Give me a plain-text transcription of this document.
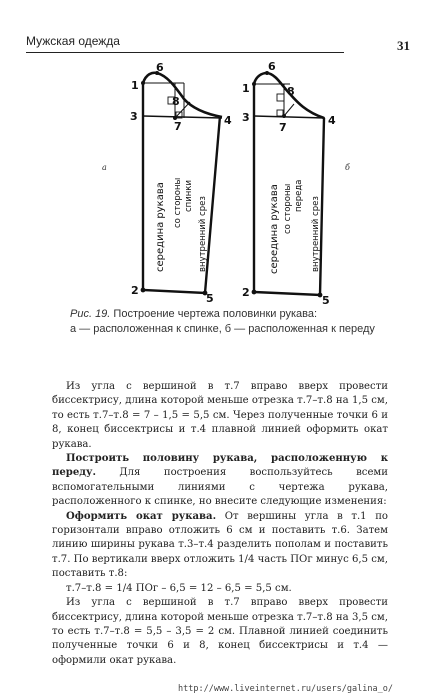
Мужская одежда	31
1
2
3	4
5
6
7
8
а
середина рукава со стороны спинки
внутренний срез
1
2
3	4
5
6
7
8
б
середина рукава со стороны переда
внутренний срез
Рис. 19. Построение чертежа половинки рукава:
а — расположенная к спинке, б — расположенная к переду

Из угла с вершиной в т.7 вправо вверх провести биссектрису, длина которой меньше отрезка т.7–т.8 на 1,5 см, то есть т.7–т.8 = 7 – 1,5 = 5,5 см. Через полученные точки 6 и 8, конец биссектрисы и т.4 плавной линией оформить окат рукава.

Построить половину рукава, расположенную к переду. Для построения воспользуйтесь всеми вспомогательными линиями с чертежа рукава, расположенного к спинке, но внесите следующие изменения:

Оформить окат рукава. От вершины угла в т.1 по горизонтали вправо отложить 6 см и поставить т.6. Затем линию ширины рукава т.3–т.4 разделить пополам и поставить т.7. По вертикали вверх отложить 1/4 часть ПОг минус 6,5 см, поставить т.8:

т.7–т.8 = 1/4 ПОг – 6,5 = 12 – 6,5 = 5,5 см.

Из угла с вершиной в т.7 вправо вверх провести биссектрису, длина которой меньше отрезка т.7–т.8 на 3,5 см, то есть т.7–т.8 = 5,5 – 3,5 = 2 см. Плавной линией соединить полученные точки 6 и 8, конец биссектрисы и т.4 — оформили окат рукава.

http://www.liveinternet.ru/users/galina_o/
